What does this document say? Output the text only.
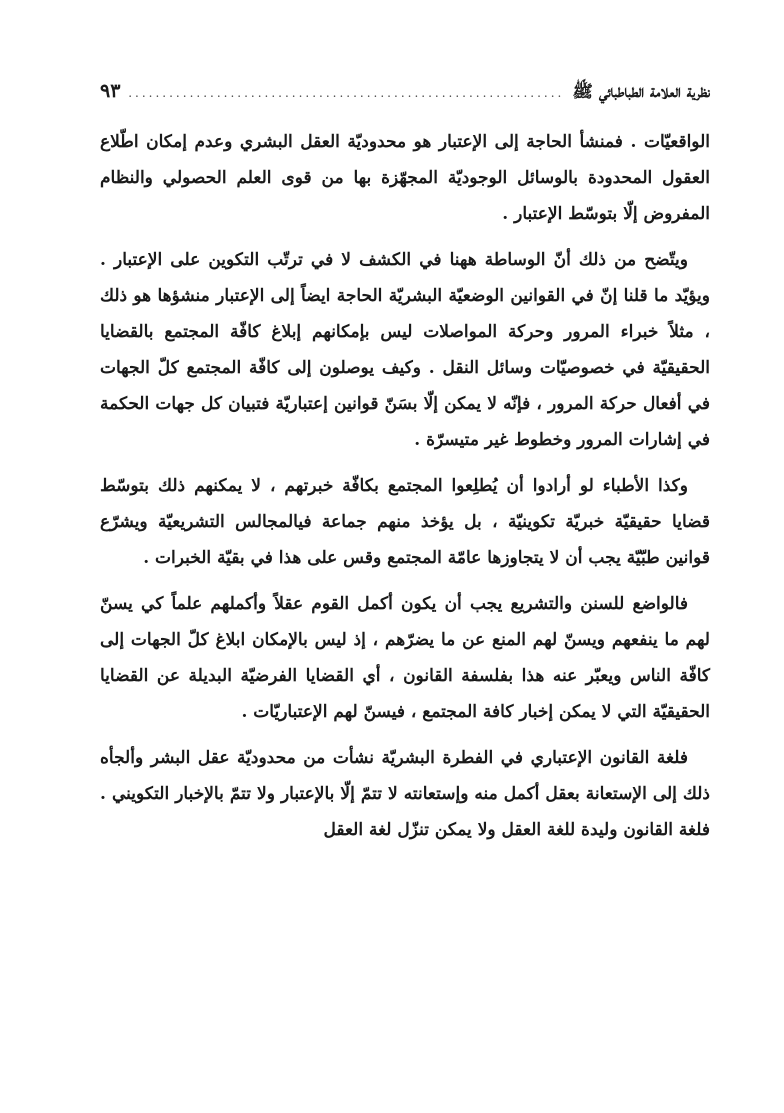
نظرية العلامة الطباطبائي ﷺ
.....
٩٣

الواقعيّات . فمنشأ الحاجة إلى الإعتبار هو محدوديّة العقل البشري وعدم إمكان اطّلاع العقول المحدودة بالوسائل الوجوديّة المجهّزة بها من قوى العلم الحصولي والنظام المفروض إلّا بتوسّط الإعتبار .

ويتّضح من ذلك أنّ الوساطة ههنا في الكشف لا في ترتّب التكوين على الإعتبار . ويؤيّد ما قلنا إنّ في القوانين الوضعيّة البشريّة الحاجة ايضاً إلى الإعتبار منشؤها هو ذلك ، مثلاً خبراء المرور وحركة المواصلات ليس بإمكانهم إبلاغ كافّة المجتمع بالقضايا الحقيقيّة في خصوصيّات وسائل النقل . وكيف يوصلون إلى كافّة المجتمع كلّ الجهات في أفعال حركة المرور ، فإنّه لا يمكن إلّا بسَنّ قوانين إعتباريّة فتبيان كل جهات الحكمة في إشارات المرور وخطوط غير متيسرّة .

وكذا الأطباء لو أرادوا أن يُطلِعوا المجتمع بكافّة خبرتهم ، لا يمكنهم ذلك بتوسّط قضايا حقيقيّة خبريّة تكوينيّة ، بل يؤخذ منهم جماعة فيالمجالس التشريعيّة ويشرّع قوانين طبّيّة يجب أن لا يتجاوزها عامّة المجتمع وقس على هذا في بقيّة الخبرات .

فالواضع للسنن والتشريع يجب أن يكون أكمل القوم عقلاً وأكملهم علماً كي يسنّ لهم ما ينفعهم ويسنّ لهم المنع عن ما يضرّهم ، إذ ليس بالإمكان ابلاغ كلّ الجهات إلى كافّة الناس ويعبّر عنه هذا بفلسفة القانون ، أي القضايا الفرضيّة البديلة عن القضايا الحقيقيّة التي لا يمكن إخبار كافة المجتمع ، فيسنّ لهم الإعتباريّات .

فلغة القانون الإعتباري في الفطرة البشريّة نشأت من محدوديّة عقل البشر وألجأه ذلك إلى الإستعانة بعقل أكمل منه وإستعانته لا تتمّ إلّا بالإعتبار ولا تتمّ بالإخبار التكويني . فلغة القانون وليدة للغة العقل ولا يمكن تنزّل لغة العقل
